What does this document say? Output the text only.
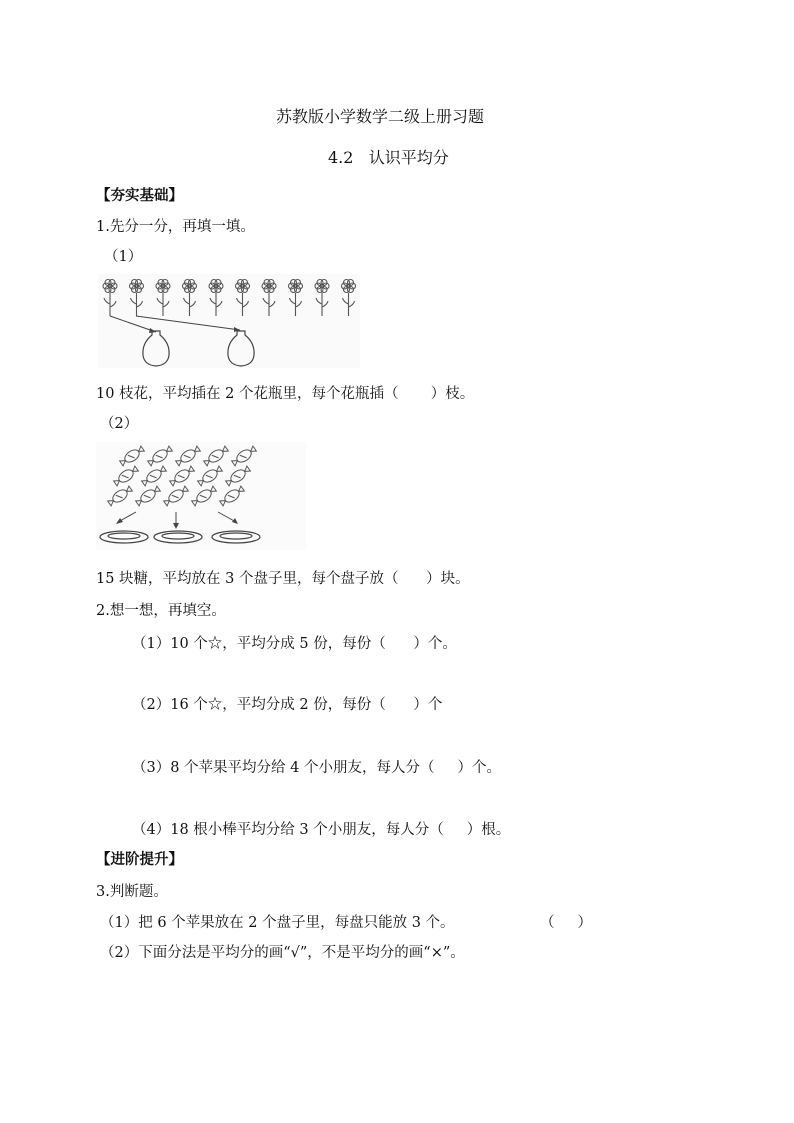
苏教版小学数学二级上册习题
4.2   认识平均分
【夯实基础】
1.先分一分，再填一填。
（1）
10 枝花，平均插在 2 个花瓶里，每个花瓶插（       ）枝。
（2）
15 块糖，平均放在 3 个盘子里，每个盘子放（      ）块。
2.想一想，再填空。
（1）10 个☆，平均分成 5 份，每份（      ）个。
（2）16 个☆，平均分成 2 份，每份（      ）个
（3）8 个苹果平均分给 4 个小朋友，每人分（     ）个。
（4）18 根小棒平均分给 3 个小朋友，每人分（     ）根。
【进阶提升】
3.判断题。
（1）把 6 个苹果放在 2 个盘子里，每盘只能放 3 个。	（     ）
（2）下面分法是平均分的画“√”，不是平均分的画“×”。
